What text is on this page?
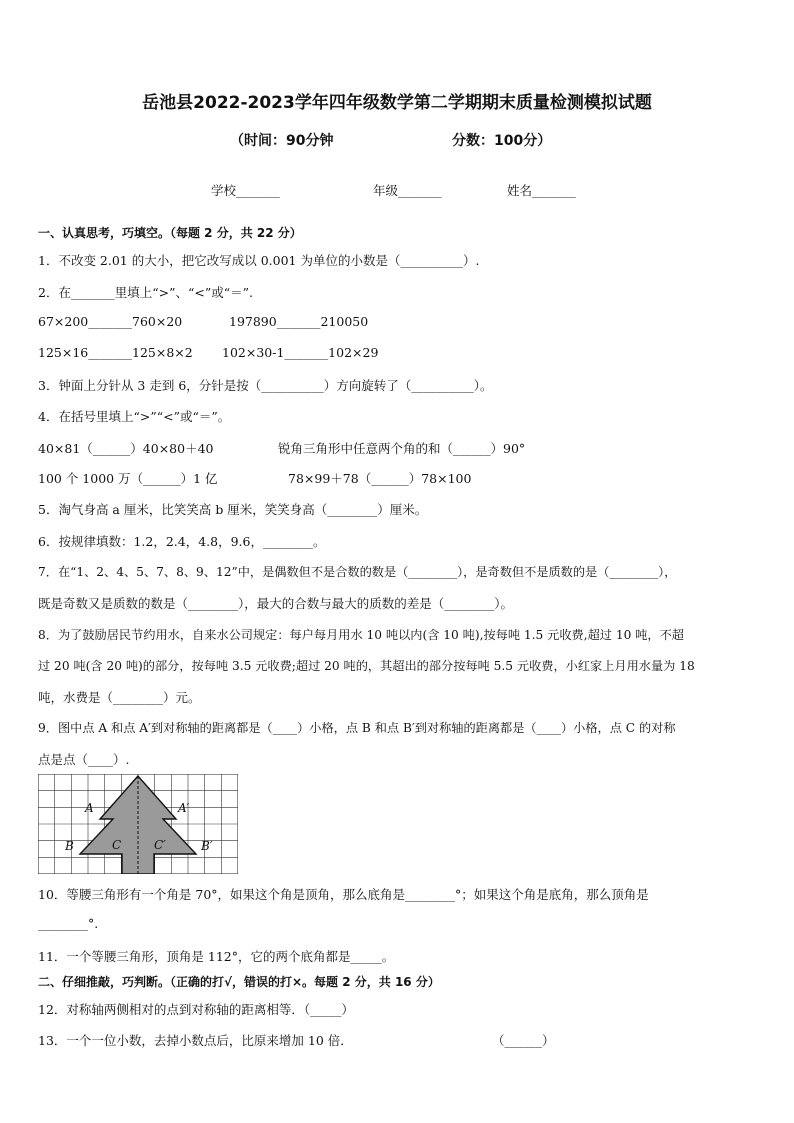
岳池县2022-2023学年四年级数学第二学期期末质量检测模拟试题
（时间：90分钟	分数：100分）
学校_______	年级_______	姓名_______
一、认真思考，巧填空。（每题 2 分，共 22 分）
1．不改变 2.01 的大小，把它改写成以 0.001 为单位的小数是（__________）.
2．在_______里填上“>”、“<”或“＝”.
67×200_______760×20	197890_______210050
125×16_______125×8×2 102×30-1_______102×29
3．钟面上分针从 3 走到 6，分针是按（__________）方向旋转了（__________）。
4．在括号里填上“>”“<”或“＝”。
40×81（______）40×80＋40	锐角三角形中任意两个角的和（______）90°
100 个 1000 万（______）1 亿	78×99＋78（______）78×100
5．淘气身高 a 厘米，比笑笑高 b 厘米，笑笑身高（________）厘米。
6．按规律填数：1.2，2.4，4.8，9.6，________。
7．在“1、2、4、5、7、8、9、12”中，是偶数但不是合数的数是（________），是奇数但不是质数的是（________），
既是奇数又是质数的数是（________），最大的合数与最大的质数的差是（________）。
8．为了鼓励居民节约用水，自来水公司规定：每户每月用水 10 吨以内(含 10 吨),按每吨 1.5 元收费,超过 10 吨，不超
过 20 吨(含 20 吨)的部分，按每吨 3.5 元收费;超过 20 吨的，其超出的部分按每吨 5.5 元收费，小红家上月用水量为 18
吨，水费是（________）元。
9．图中点 A 和点 A′到对称轴的距离都是（____）小格，点 B 和点 B′到对称轴的距离都是（____）小格，点 C 的对称
点是点（____）.
A	A′
B	B′
C	C′
10．等腰三角形有一个角是 70°，如果这个角是顶角，那么底角是________°；如果这个角是底角，那么顶角是
________°.
11．一个等腰三角形，顶角是 112°，它的两个底角都是_____。
二、仔细推敲，巧判断。（正确的打√，错误的打×。每题 2 分，共 16 分）
12．对称轴两侧相对的点到对称轴的距离相等．（_____）
13．一个一位小数，去掉小数点后，比原来增加 10 倍．	（______）
